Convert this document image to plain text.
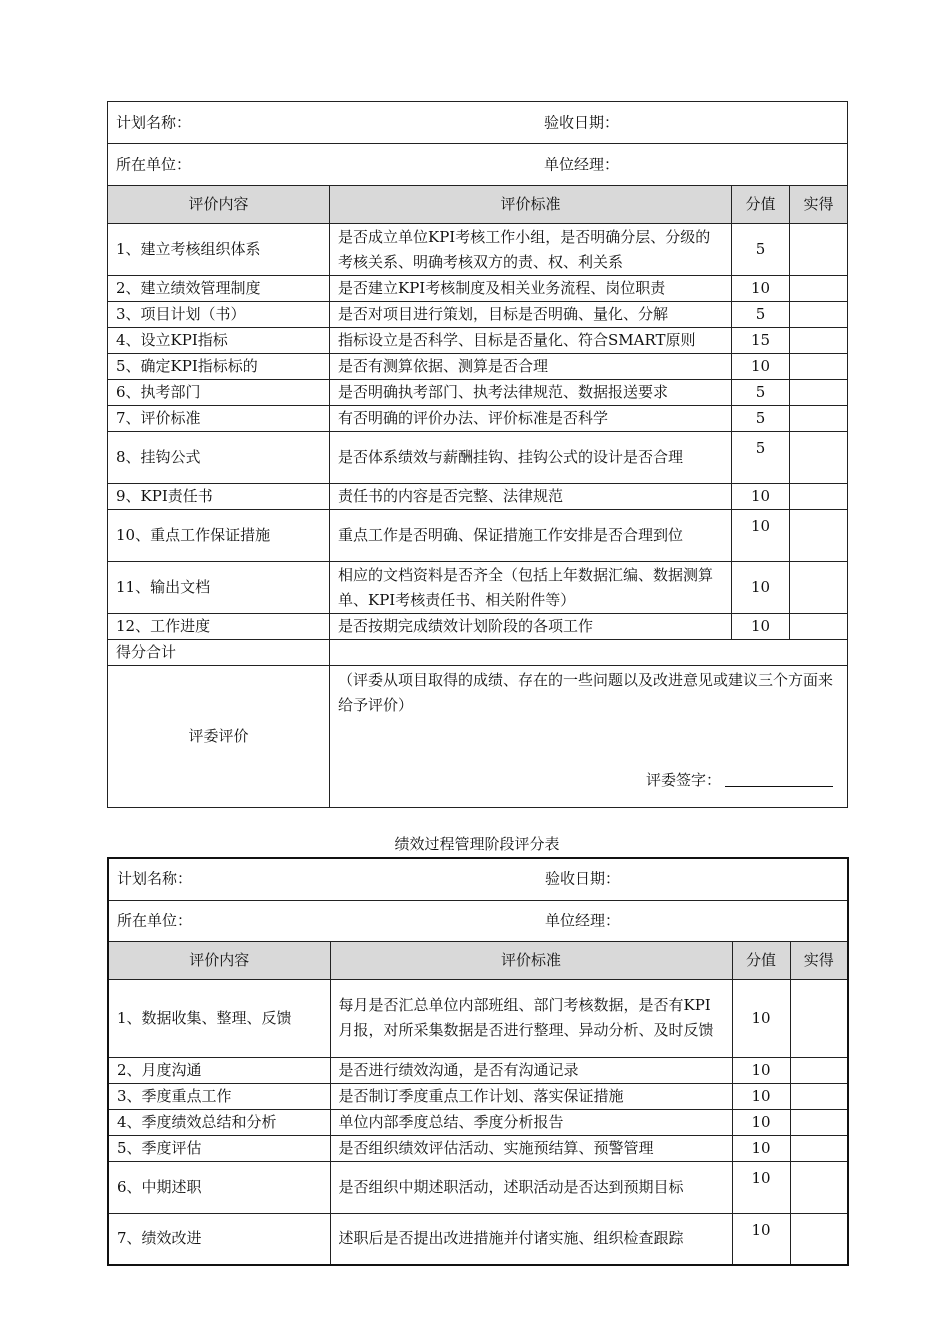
计划名称： 验收日期：			

所在单位： 单位经理：			

评价内容	评价标准	分值	实得
1、建立考核组织体系	是否成立单位KPI考核工作小组，是否明确分层、分级的考核关系、明确考核双方的责、权、利关系	5	
2、建立绩效管理制度	是否建立KPI考核制度及相关业务流程、岗位职责	10	
3、项目计划（书）	是否对项目进行策划，目标是否明确、量化、分解	5	
4、设立KPI指标	指标设立是否科学、目标是否量化、符合SMART原则	15	
5、确定KPI指标标的	是否有测算依据、测算是否合理	10	
6、执考部门	是否明确执考部门、执考法律规范、数据报送要求	5	
7、评价标准	有否明确的评价办法、评价标准是否科学	5	
8、挂钩公式	是否体系绩效与薪酬挂钩、挂钩公式的设计是否合理	5	
9、KPI责任书	责任书的内容是否完整、法律规范	10	
10、重点工作保证措施	重点工作是否明确、保证措施工作安排是否合理到位	10	
11、输出文档	相应的文档资料是否齐全（包括上年数据汇编、数据测算单、KPI考核责任书、相关附件等）	10	
12、工作进度	是否按期完成绩效计划阶段的各项工作	10	
得分合计			
评委评价	（评委从项目取得的成绩、存在的一些问题以及改进意见或建议三个方面来给予评价）
评委签字：		
绩效过程管理阶段评分表
计划名称： 验收日期：			

所在单位： 单位经理：			

评价内容	评价标准	分值	实得
1、数据收集、整理、反馈	每月是否汇总单位内部班组、部门考核数据，是否有KPI月报，对所采集数据是否进行整理、异动分析、及时反馈	10	
2、月度沟通	是否进行绩效沟通，是否有沟通记录	10	
3、季度重点工作	是否制订季度重点工作计划、落实保证措施	10	
4、季度绩效总结和分析	单位内部季度总结、季度分析报告	10	
5、季度评估	是否组织绩效评估活动、实施预结算、预警管理	10	
6、中期述职	是否组织中期述职活动，述职活动是否达到预期目标	10	
7、绩效改进	述职后是否提出改进措施并付诸实施、组织检查跟踪	10	
